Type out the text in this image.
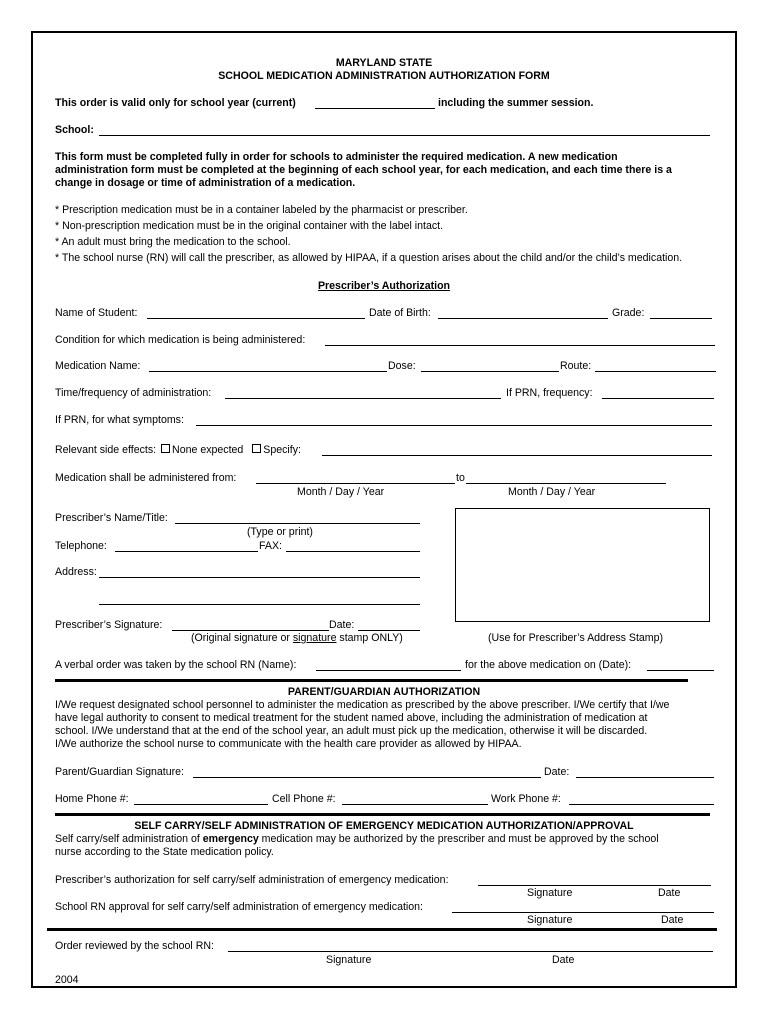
MARYLAND STATE
SCHOOL MEDICATION ADMINISTRATION AUTHORIZATION FORM
This order is valid only for school year (current)	including the summer session.
School:
This form must be completed fully in order for schools to administer the required medication. A new medication
administration form must be completed at the beginning of each school year, for each medication, and each time there is a
change in dosage or time of administration of a medication.
* Prescription medication must be in a container labeled by the pharmacist or prescriber.
* Non-prescription medication must be in the original container with the label intact.
* An adult must bring the medication to the school.
* The school nurse (RN) will call the prescriber, as allowed by HIPAA, if a question arises about the child and/or the child’s medication.
Prescriber’s Authorization
Name of Student:	Date of Birth:	Grade:
Condition for which medication is being administered:
Medication Name:	Dose:	Route:
Time/frequency of administration:	If PRN, frequency:
If PRN, for what symptoms:
Relevant side effects: None expected Specify:
Medication shall be administered from:	to
Month / Day / Year	Month / Day / Year
Prescriber’s Name/Title:
(Type or print)
Telephone:	FAX:
Address:
Prescriber’s Signature:	Date:
(Original signature or signature stamp ONLY)	(Use for Prescriber’s Address Stamp)
A verbal order was taken by the school RN (Name):	for the above medication on (Date):
PARENT/GUARDIAN AUTHORIZATION
I/We request designated school personnel to administer the medication as prescribed by the above prescriber. I/We certify that I/we
have legal authority to consent to medical treatment for the student named above, including the administration of medication at
school. I/We understand that at the end of the school year, an adult must pick up the medication, otherwise it will be discarded.
I/We authorize the school nurse to communicate with the health care provider as allowed by HIPAA.
Parent/Guardian Signature:	Date:
Home Phone #:	Cell Phone #:	Work Phone #:
SELF CARRY/SELF ADMINISTRATION OF EMERGENCY MEDICATION AUTHORIZATION/APPROVAL
Self carry/self administration of emergency medication may be authorized by the prescriber and must be approved by the school
nurse according to the State medication policy.
Prescriber’s authorization for self carry/self administration of emergency medication:
Signature	Date
School RN approval for self carry/self administration of emergency medication:
Signature	Date
Order reviewed by the school RN:
Signature	Date
2004
